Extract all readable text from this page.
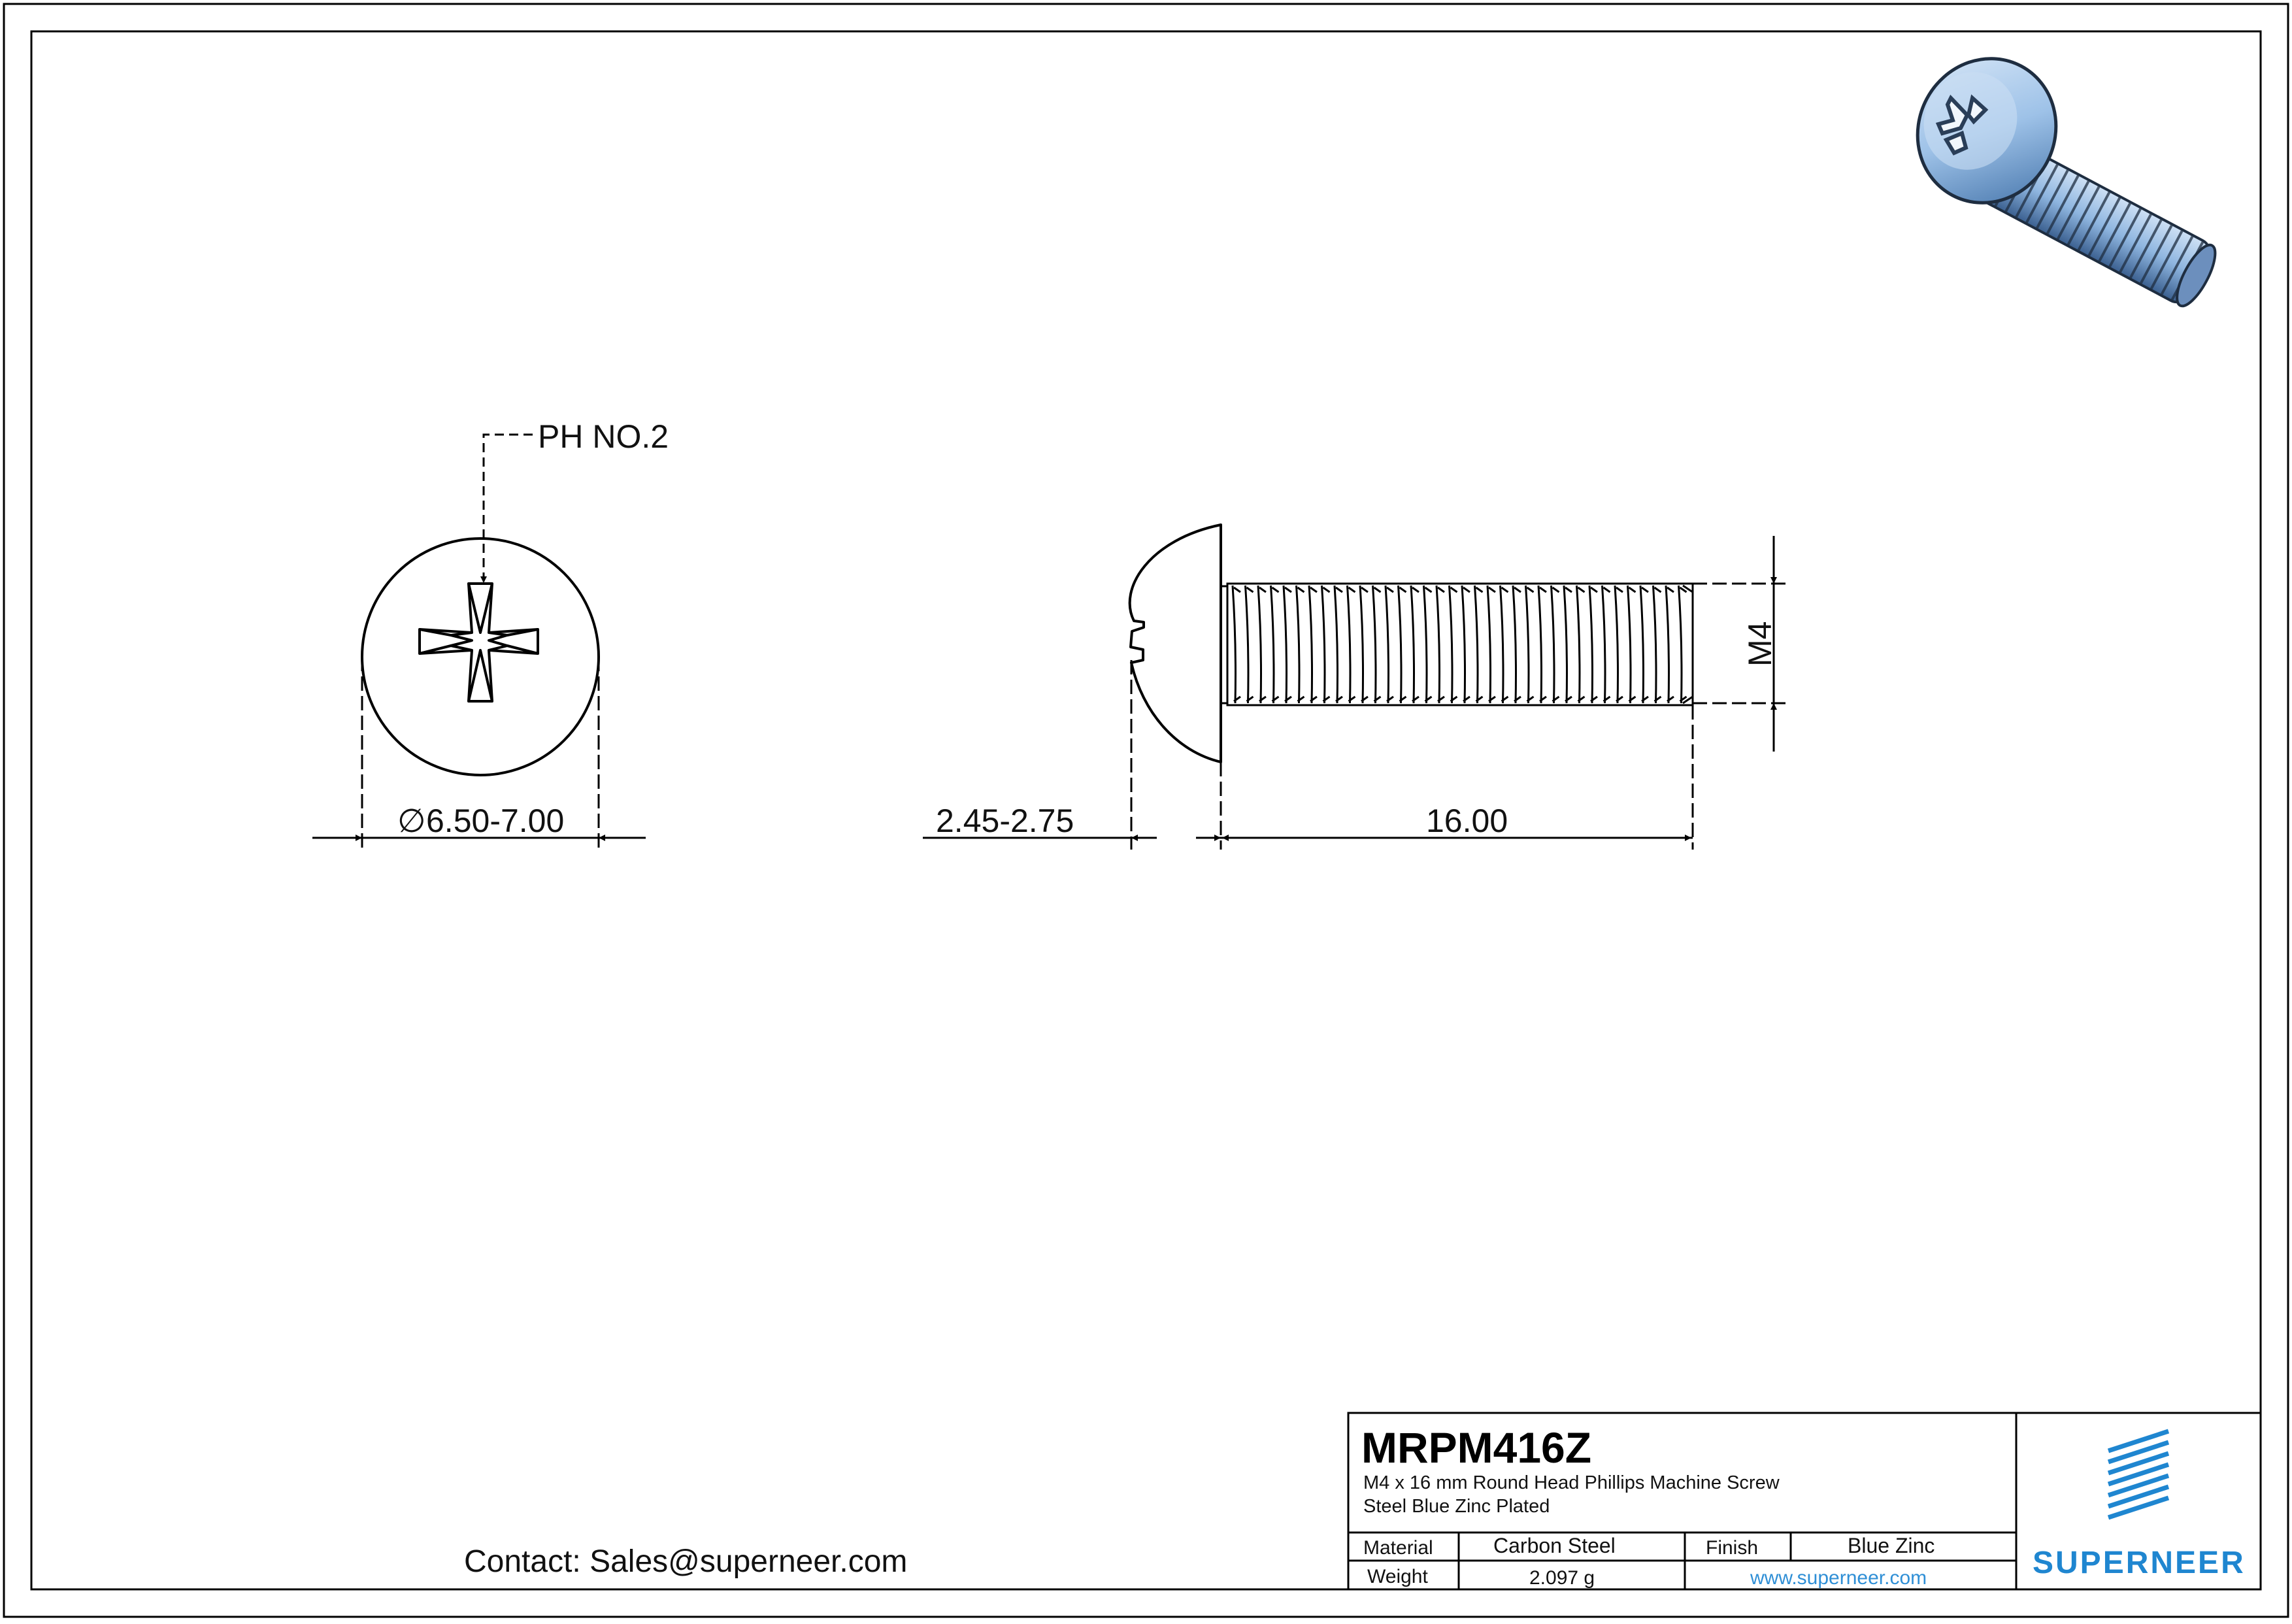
PH NO.2
∅ 6.50-7.00	2.45-2.75	16.00
M4
Contact: Sales@superneer.com
MRPM416Z
M4 x 16 mm Round Head Phillips Machine Screw
Steel Blue Zinc Plated
Material	Carbon Steel	Finish	Blue Zinc
Weight	2.097 g	www.superneer.com	SUPERNEER
